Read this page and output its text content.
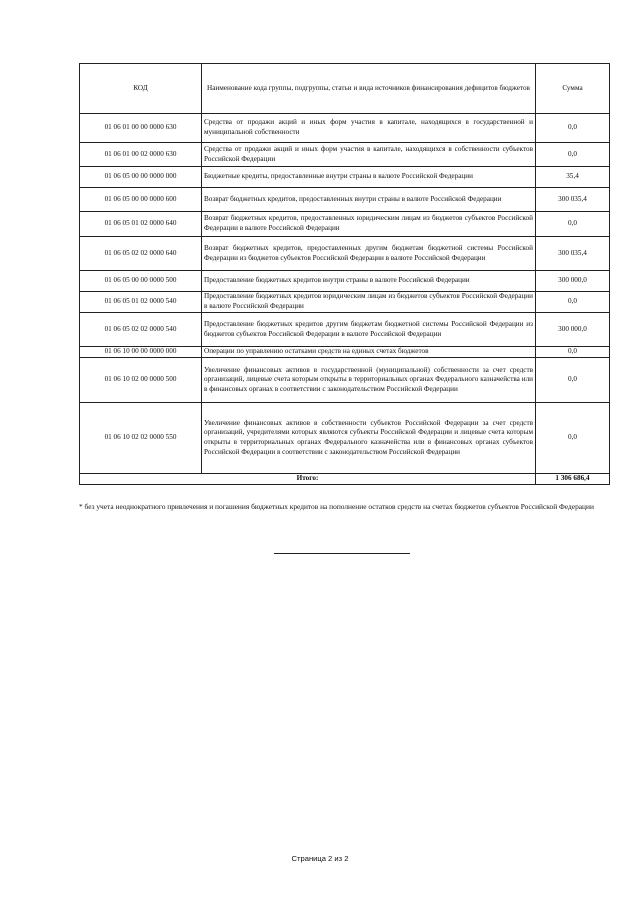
КОД	Наименование кода группы, подгруппы, статьи и вида источников финансирования дефицитов бюджетов	Сумма
01 06 01 00 00 0000 630	Средства от продажи акций и иных форм участия в капитале, находящихся в государственной и муниципальной собственности	0,0
01 06 01 00 02 0000 630	Средства от продажи акций и иных форм участия в капитале, находящихся в собственности субъектов Российской Федерации	0,0
01 06 05 00 00 0000 000	Бюджетные кредиты, предоставленные внутри страны в валюте Российской Федерации	35,4
01 06 05 00 00 0000 600	Возврат бюджетных кредитов, предоставленных внутри страны в валюте Российской Федерации	300 035,4
01 06 05 01 02 0000 640	Возврат бюджетных кредитов, предоставленных юридическим лицам из бюджетов субъектов Российской Федерации в валюте Российской Федерации	0,0
01 06 05 02 02 0000 640	Возврат бюджетных кредитов, предоставленных другим бюджетам бюджетной системы Российской Федерации из бюджетов субъектов Российской Федерации в валюте Российской Федерации	300 035,4
01 06 05 00 00 0000 500	Предоставление бюджетных кредитов внутри страны в валюте Российской Федерации	300 000,0
01 06 05 01 02 0000 540	Предоставление бюджетных кредитов юридическим лицам из бюджетов субъектов Российской Федерации в валюте Российской Федерации	0,0
01 06 05 02 02 0000 540	Предоставление бюджетных кредитов другим бюджетам бюджетной системы Российской Федерации из бюджетов субъектов Российской Федерации в валюте Российской Федерации	300 000,0
01 06 10 00 00 0000 000	Операции по управлению остатками средств на единых счетах бюджетов	0,0
01 06 10 02 00 0000 500	Увеличение финансовых активов в государственной (муниципальной) собственности за счет средств организаций, лицевые счета которым открыты в территориальных органах Федерального казначейства или в финансовых органах в соответствии с законодательством Российской Федерации	0,0
01 06 10 02 02 0000 550	Увеличение финансовых активов в собственности субъектов Российской Федерации за счет средств организаций, учредителями которых являются субъекты Российской Федерации и лицевые счета которым открыты в территориальных органах Федерального казначейства или в финансовых органах субъектов Российской Федерации в соответствии с законодательством Российской Федерации	0,0
Итого:		1 306 686,4
* без учета неоднократного привлечения и погашения бюджетных кредитов на пополнение остатков средств на счетах бюджетов субъектов Российской Федерации
Страница 2 из 2
